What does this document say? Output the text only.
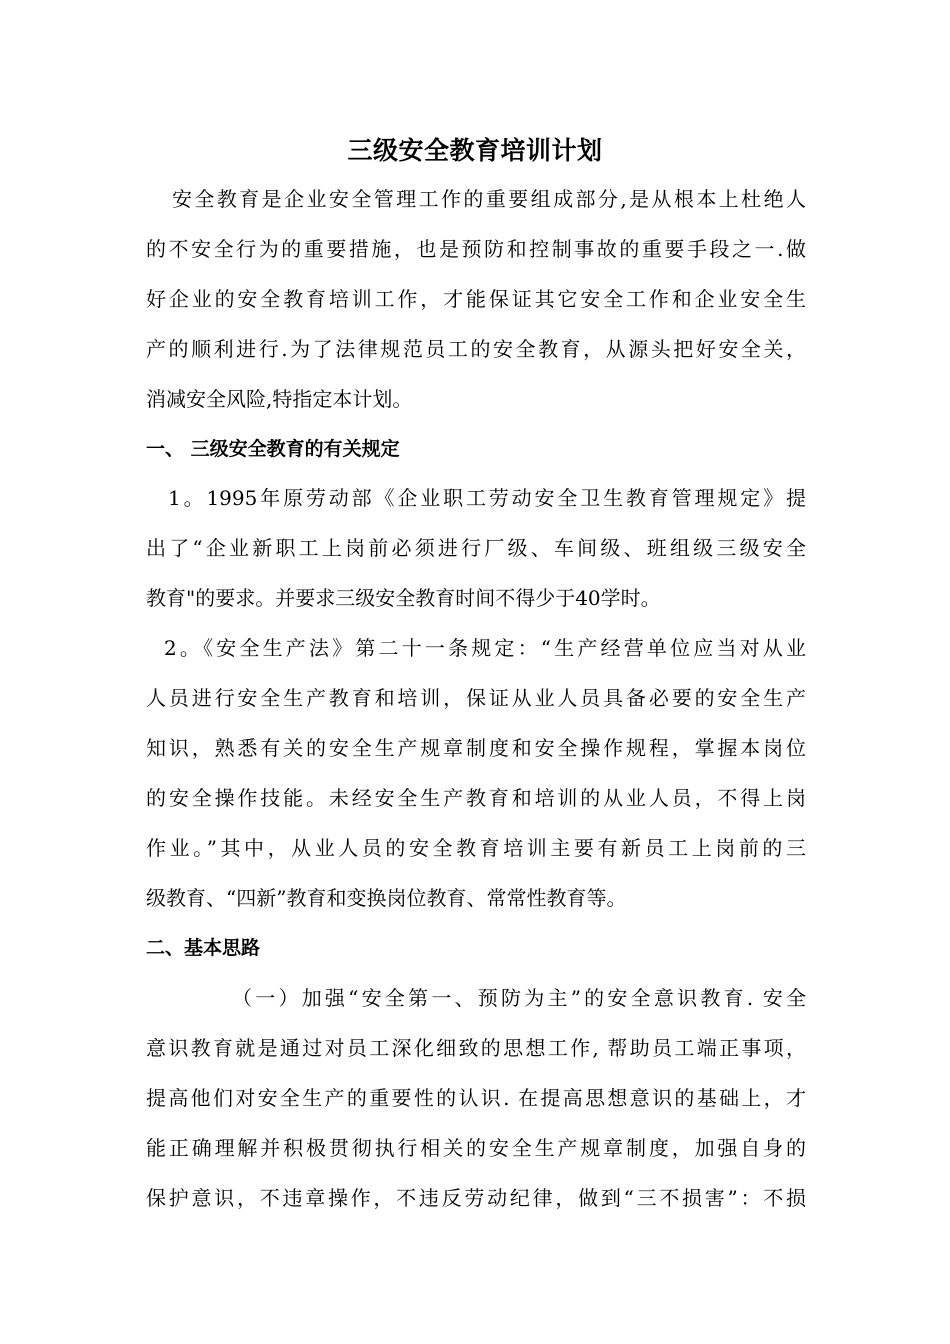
三级安全教育培训计划
安全教育是企业安全管理工作的重要组成部分,是从根本上杜绝人
的不安全行为的重要措施，也是预防和控制事故的重要手段之一.做
好企业的安全教育培训工作，才能保证其它安全工作和企业安全生
产的顺利进行.为了法律规范员工的安全教育，从源头把好安全关，
消减安全风险,特指定本计划。
一、 三级安全教育的有关规定
1。1995年原劳动部《企业职工劳动安全卫生教育管理规定》提
出了“企业新职工上岗前必须进行厂级、车间级、班组级三级安全
教育"的要求。并要求三级安全教育时间不得少于40学时。
2。《安全生产法》第二十一条规定：“生产经营单位应当对从业
人员进行安全生产教育和培训，保证从业人员具备必要的安全生产
知识，熟悉有关的安全生产规章制度和安全操作规程，掌握本岗位
的安全操作技能。未经安全生产教育和培训的从业人员，不得上岗
作业。”其中，从业人员的安全教育培训主要有新员工上岗前的三
级教育、“四新”教育和变换岗位教育、常常性教育等。
二、基本思路
（一）加强“安全第一、预防为主”的安全意识教育. 安全
意识教育就是通过对员工深化细致的思想工作, 帮助员工端正事项，
提高他们对安全生产的重要性的认识. 在提高思想意识的基础上，才
能正确理解并积极贯彻执行相关的安全生产规章制度，加强自身的
保护意识，不违章操作，不违反劳动纪律，做到“三不损害”：不损
